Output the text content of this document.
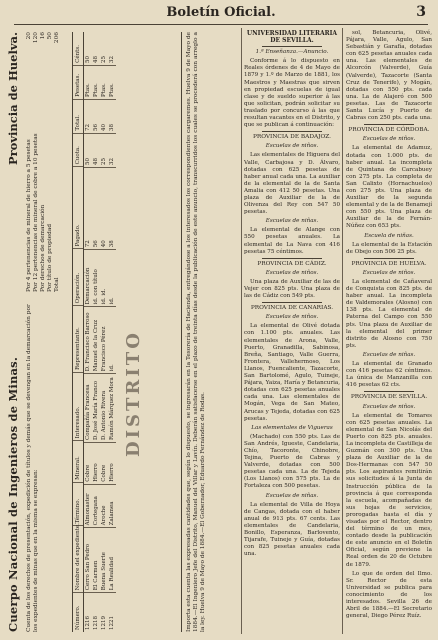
Boletín Oficial.	3
Cuerpo Nacional de Ingenieros de Minas.
Provincia de Huelva.
Cuenta de los derechos de presentación, expedición de títulos y demás que se devengan en la demarcación por los expedientes de minas que en la misma se expresan:
Por 4 pertenencias de mineral de hierro a 5 pesetas
20
Por 12 pertenencias de mineral de cobre a 10 pesetas
120
Por derechos de demarcación
16
Por título de propiedad
50
Total
206
Número.
Nombre del expediente.
Término.
Mineral.
Interesado.
Representante.
Operación.
Pagado.
Cuota.
Total.
Pesetas.
Cénts.
1216
Cerro San Pedro
Almonaster
Cobre
Compañía Francesa
D. Francisco Barroso
Demarcación
72
50
72
Ptas.
50
1218
El Carmen
Cortegana
Hierro
D. José María Franco
Manuel de la Cruz
id. con título
56
48
56
Ptas.
48
1219
Buena Suerte
Aroche
Cobre
D. Antonio Rivera
Francisco Pérez
id. id.
40
25
40
Ptas.
25
1221
La Realidad
Zalamea
Hierro
Ramón Márquez Mora
id.
id.
38
32
38
Ptas.
32
DISTRITO	Importa esta cuenta las expresadas cantidades que, según lo dispuesto, se ingresarán en la Tesorería de Hacienda, entregándose a los interesados los correspondientes cargaremes. Huelva 9 de Mayo de 1884.—El Ingeniero Jefe del Distrito, Manuel del Villar y Lavín. Deberán satisfacerse en el plazo de treinta días desde la publicación de este anuncio, transcurridos los cuales se procederá con arreglo a la ley. Huelva 9 de Mayo de 1884.—El Gobernador, Eduardo Fernández de Rodas.
UNIVERSIDAD LITERARIA DE SEVILLA.
1.ª Enseñanza.—Anuncio.

Conforme á lo dispuesto en Reales órdenes de 4 de Mayo de 1879 y 1.º de Marzo de 1881, los Maestros y Maestras que sirven en propiedad escuelas de igual clase y de sueldo superior á las que solicitan, podrán solicitar su traslado por concurso á las que resultan vacantes en el Distrito, y que se publican á continuación:

PROVINCIA DE BADAJOZ.
Escuelas de niños.

Las elementales de Higuera del Valle, Carbajosa y D. Álvaro, dotadas con 625 pesetas de haber anual cada una. La auxiliar de la elemental de la de Santa Amalia con 412 50 pesetas. Una plaza de Auxiliar de la de Olivenza del Rey con 547 50 pesetas.

Escuelas de niñas.

La elemental de Alange con 550 pesetas anuales. La elemental de La Nava con 416 pesetas 75 céntimos.

PROVINCIA DE CÁDIZ.
Escuelas de niños.

Una plaza de Auxiliar de las de Vejer con 825 pts. Una plaza de las de Cádiz con 549 pts.

PROVINCIA DE CANARIAS.
Escuelas de niños.

La elemental de Olivé dotada con 1.100 pts. anuales. Las elementales de Arona, Valle, Puerto, Granadilla, Sabinosa, Breña, Santiago, Valle Guerra, Frontera, Vallehermoso, Los Llanos, Fuencaliente, Tazacorte, San Bartolomé, Agulo, Tuineje, Pájara, Yaiza, Haría y Betancuria, dotadas con 625 pesetas anuales cada una. Las elementales de Mogán, Vega de San Mateo, Arucas y Tejeda, dotadas con 625 pesetas.

Las elementales de Vigueras

(Machado) con 550 pts. Las de San Andrés, Igueste, Candelaria, Chío, Tacoronte, Chinobre, Tejina, Puerto de Cabras y Valverde, dotadas con 500 pesetas cada una. La de Tejeda (Los Llanos) con 575 pts. La de Fortaleza con 500 pesetas.

Escuelas de niñas.

La elemental de Villa de Hoya de Cangas, dotada con el haber anual de 913 pts. 67 cents. Las elementales de Candelaria, Bonillo, Esperanza, Barlovento, Tijarafe, Tuineje y Guía, dotadas con 825 pesetas anuales cada una.

sol, Betancuria, Olivé, Pájara, Valle, Agulo, San Sebastián y Garafía, dotadas con 625 pesetas anuales cada una. Las elementales de Alcorcón (Valverde), Guía (Valverde), Tazacorte (Santa Cruz de Tenerife), y Mogán, dotadas con 550 pts. cada una. La de Alajeró con 500 pesetas. Las de Tazacorte Santa Lucía y Puerto de Cabras con 250 pts. cada una.

PROVINCIA DE CÓRDOBA.
Escuelas de niños.

La elemental de Adamuz, dotada con 1.000 pts. de haber anual. La incompleta de Quintana de Carcabuey con 275 pts. La completa de San Calixto (Hornachuelos) con 275 pts. Una plaza de Auxiliar de la segunda elemental y de la de Benamejí con 550 pts. Una plaza de Auxiliar de la de Fernán-Núñez con 653 pts.

Escuela de niñas.

La elemental de la Estación de Obejo con 506 25 pts.

PROVINCIA DE HUELVA.
Escuelas de niños.

La elemental de Cañaveral de Conquista con 825 pts. de haber anual. La incompleta de Valdemorales (Alosno) con 138 pts. La elemental de Paterna del Campo con 550 pts. Una plaza de Auxiliar de la elemental del primer distrito de Alosno con 750 pts.

Escuelas de niñas.

La elemental de Granado con 416 pesetas 62 céntimos. La única de Manzanilla con 416 pesetas 62 cts.

PROVINCIA DE SEVILLA.
Escuelas de niños.

La elemental de Tomares con 625 pesetas anuales. La elemental de San Nicolás del Puerto con 825 pts. anuales. La incompleta de Castilleja de Guzmán con 300 pts. Una plaza de Auxiliar de la de Dos-Hermanas con 547 50 pts. Los aspirantes remitirán sus solicitudes á la Junta de Instrucción pública de la provincia á que corresponda la escuela, acompañadas de sus hojas de servicios, prorogadas hasta el día y visadas por el Rector, dentro del término de un mes, contado desde la publicación de este anuncio en el Boletín Oficial, según previene la Real orden de 20 de Octubre de 1879.

Lo que de orden del Ilmo. Sr. Rector de esta Universidad se publica para conocimiento de los interesados. Sevilla 26 de Abril de 1884.—El Secretario general, Diego Pérez Ruíz.
